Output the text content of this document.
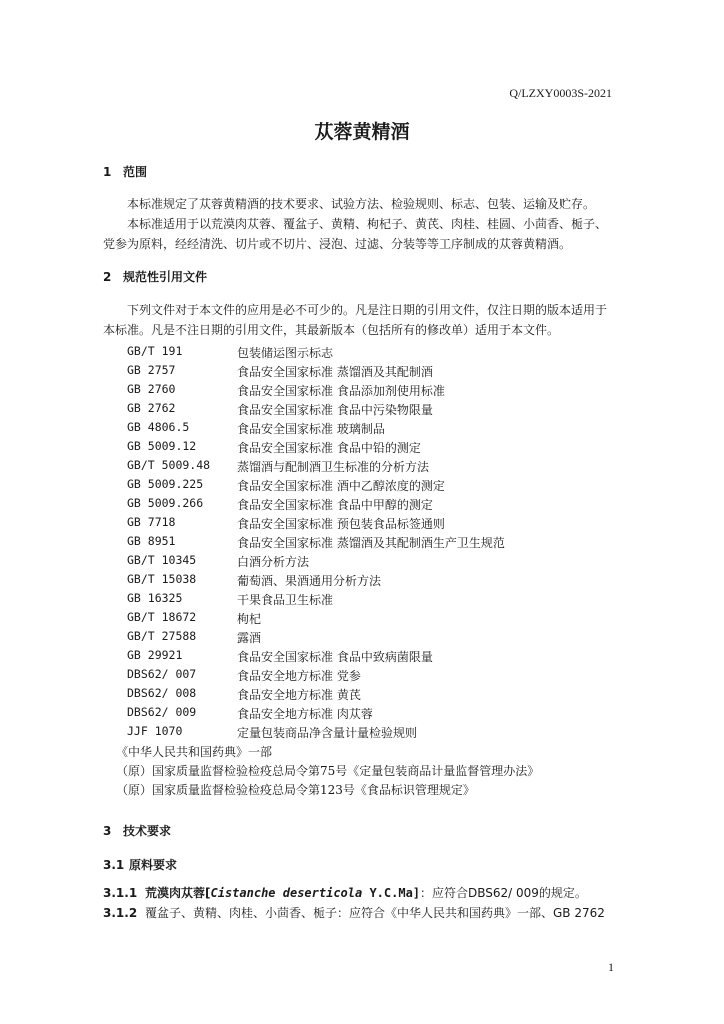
Q/LZXY0003S-2021
苁蓉黄精酒
1 范围
本标准规定了苁蓉黄精酒的技术要求、试验方法、检验规则、标志、包装、运输及贮存。
本标准适用于以荒漠肉苁蓉、覆盆子、黄精、枸杞子、黄芪、肉桂、桂圆、小茴香、栀子、党参为原料，经经清洗、切片或不切片、浸泡、过滤、分装等等工序制成的苁蓉黄精酒。
2 规范性引用文件
下列文件对于本文件的应用是必不可少的。凡是注日期的引用文件，仅注日期的版本适用于本标准。凡是不注日期的引用文件，其最新版本（包括所有的修改单）适用于本文件。
GB/T 191	包装储运图示标志
GB 2757	食品安全国家标准 蒸馏酒及其配制酒
GB 2760	食品安全国家标准 食品添加剂使用标准
GB 2762	食品安全国家标准 食品中污染物限量
GB 4806.5	食品安全国家标准 玻璃制品
GB 5009.12	食品安全国家标准 食品中铅的测定
GB/T 5009.48 蒸馏酒与配制酒卫生标准的分析方法
GB 5009.225	食品安全国家标准 酒中乙醇浓度的测定
GB 5009.266	食品安全国家标准 食品中甲醇的测定
GB 7718	食品安全国家标准 预包装食品标签通则
GB 8951	食品安全国家标准 蒸馏酒及其配制酒生产卫生规范
GB/T 10345	白酒分析方法
GB/T 15038	葡萄酒、果酒通用分析方法
GB 16325	干果食品卫生标准
GB/T 18672	枸杞
GB/T 27588	露酒
GB 29921	食品安全国家标准 食品中致病菌限量
DBS62/ 007	食品安全地方标准 党参
DBS62/ 008	食品安全地方标准 黄芪
DBS62/ 009	食品安全地方标准 肉苁蓉
JJF 1070	定量包装商品净含量计量检验规则
《中华人民共和国药典》一部
（原）国家质量监督检验检疫总局令第75号《定量包装商品计量监督管理办法》
（原）国家质量监督检验检疫总局令第123号《食品标识管理规定》
3 技术要求
3.1 原料要求
3.1.1 荒漠肉苁蓉[Cistanche deserticola Y.C.Ma]：应符合DBS62/ 009的规定。
3.1.2 覆盆子、黄精、肉桂、小茴香、栀子：应符合《中华人民共和国药典》一部、GB 2762
1
